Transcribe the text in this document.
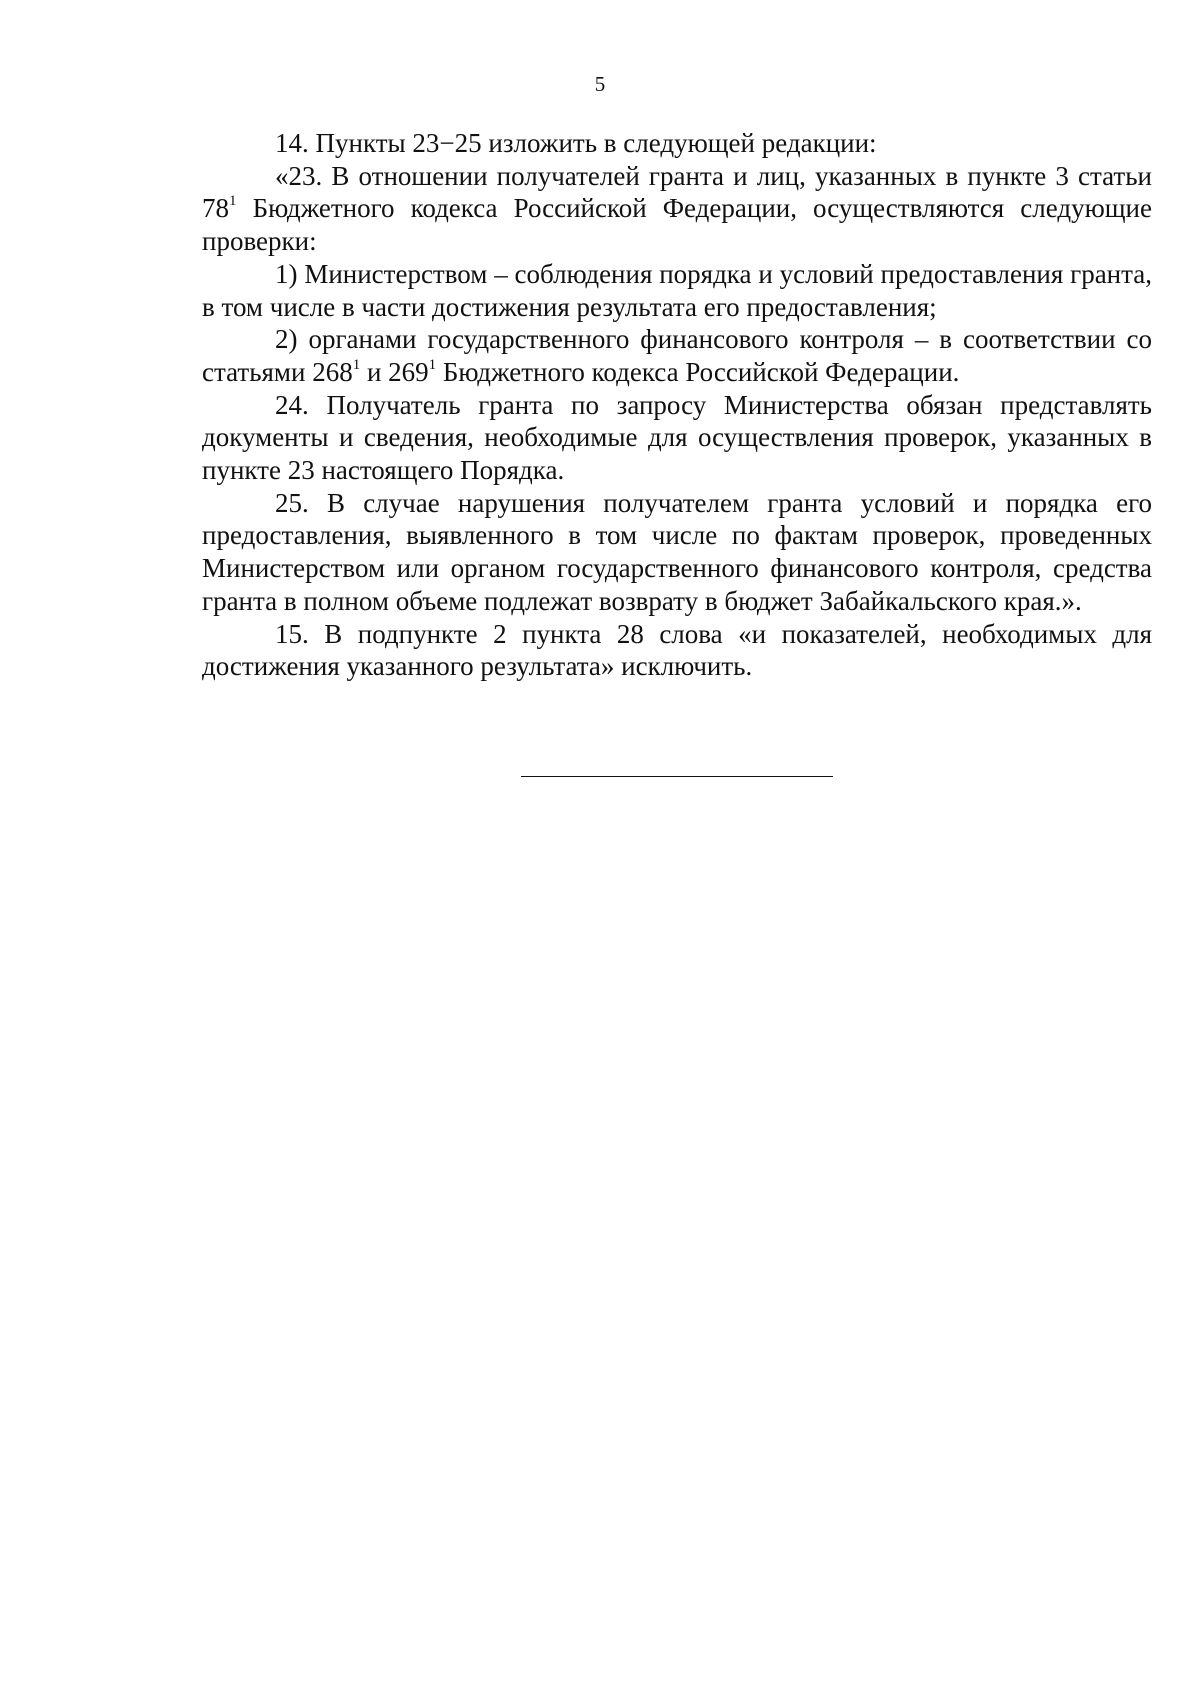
5

14. Пункты 23−25 изложить в следующей редакции:

«23. В отношении получателей гранта и лиц, указанных в пункте 3 статьи $78^1$ Бюджетного кодекса Российской Федерации, осуществляются следующие проверки:

1) Министерством – соблюдения порядка и условий предоставления гранта, в том числе в части достижения результата его предоставления;

2) органами государственного финансового контроля – в соответствии со статьями $268^1$ и $269^1$ Бюджетного кодекса Российской Федерации.

24. Получатель гранта по запросу Министерства обязан представлять документы и сведения, необходимые для осуществления проверок, указанных в пункте 23 настоящего Порядка.

25. В случае нарушения получателем гранта условий и порядка его предоставления, выявленного в том числе по фактам проверок, проведенных Министерством или органом государственного финансового контроля, средства гранта в полном объеме подлежат возврату в бюджет Забайкальского края.».

15. В подпункте 2 пункта 28 слова «и показателей, необходимых для достижения указанного результата» исключить.
